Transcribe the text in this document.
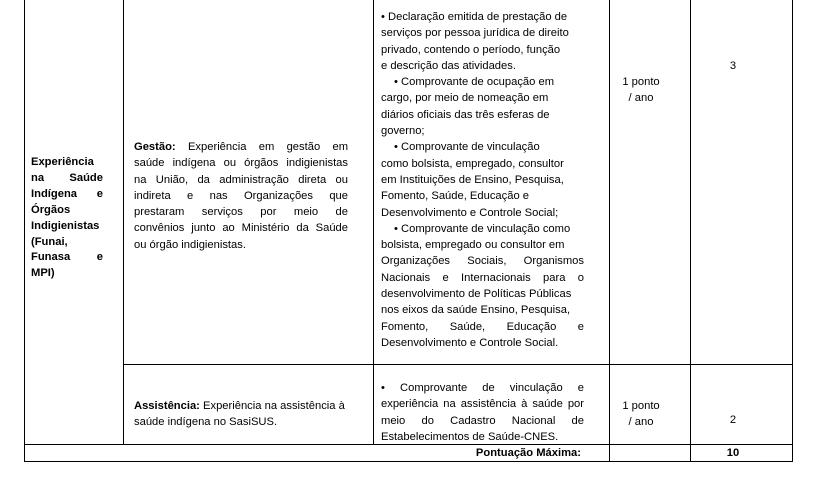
Experiência
na Saúde
Indígena e
Órgãos
Indigienistas
(Funai,
Funasa e
MPI)
Gestão: Experiência em gestão em
saúde indígena ou órgãos indigienistas
na União, da administração direta ou
indireta e nas Organizações que
prestaram serviços por meio de
convênios junto ao Ministério da Saúde
ou órgão indigienistas.

• Declaração emitida de prestação de

serviços por pessoa jurídica de direito

privado, contendo o período, função

e descrição das atividades.

• Comprovante de ocupação em

cargo, por meio de nomeação em

diários oficiais das três esferas de

governo;

• Comprovante de vinculação

como bolsista, empregado, consultor

em Instituições de Ensino, Pesquisa,

Fomento, Saúde, Educação e

Desenvolvimento e Controle Social;

• Comprovante de vinculação como
bolsista, empregado ou consultor em
Organizações Sociais, Organismos
Nacionais e Internacionais para o
desenvolvimento de Políticas Públicas
nos eixos da saúde Ensino, Pesquisa,
Fomento, Saúde, Educação e
Desenvolvimento e Controle Social.

1 ponto

/ ano

3

Assistência: Experiência na assistência à

saúde indígena no SasiSUS.

• Comprovante de vinculação e
experiência na assistência à saúde por
meio do Cadastro Nacional de
Estabelecimentos de Saúde-CNES.

1 ponto

/ ano	2
Pontuação Máxima:	10
